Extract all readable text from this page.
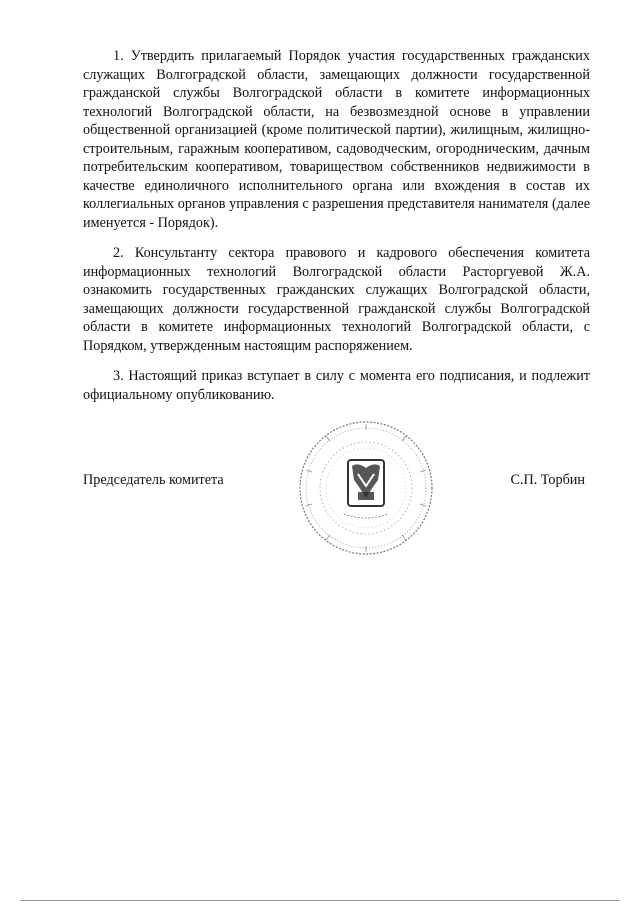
1. Утвердить прилагаемый Порядок участия государственных гражданских служащих Волгоградской области, замещающих должности государственной гражданской службы Волгоградской области в комитете информационных технологий Волгоградской области, на безвозмездной основе в управлении общественной организацией (кроме политической партии), жилищным, жилищно-строительным, гаражным кооперативом, садоводческим, огородническим, дачным потребительским кооперативом, товариществом собственников недвижимости в качестве единоличного исполнительного органа или вхождения в состав их коллегиальных органов управления с разрешения представителя нанимателя (далее именуется - Порядок).

2. Консультанту сектора правового и кадрового обеспечения комитета информационных технологий Волгоградской области Расторгуевой Ж.А. ознакомить государственных гражданских служащих Волгоградской области, замещающих должности государственной гражданской службы Волгоградской области в комитете информационных технологий Волгоградской области, с Порядком, утвержденным настоящим распоряжением.

3. Настоящий приказ вступает в силу с момента его подписания, и подлежит официальному опубликованию.

Председатель комитета	С.П. Торбин
